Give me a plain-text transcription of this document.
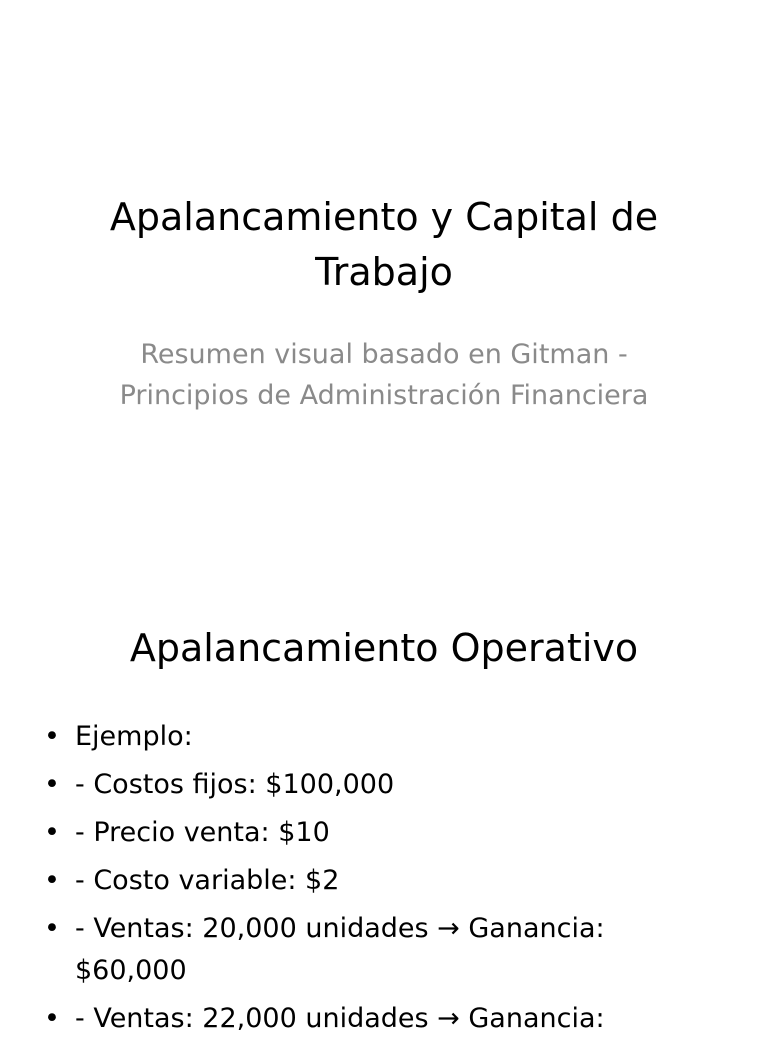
Apalancamiento y Capital de Trabajo

Resumen visual basado en Gitman - Principios de Administración Financiera

Apalancamiento Operativo
• Ejemplo:
• - Costos fijos: $100,000
• - Precio venta: $10
• - Costo variable: $2
• - Ventas: 20,000 unidades → Ganancia: $60,000
• - Ventas: 22,000 unidades → Ganancia:
